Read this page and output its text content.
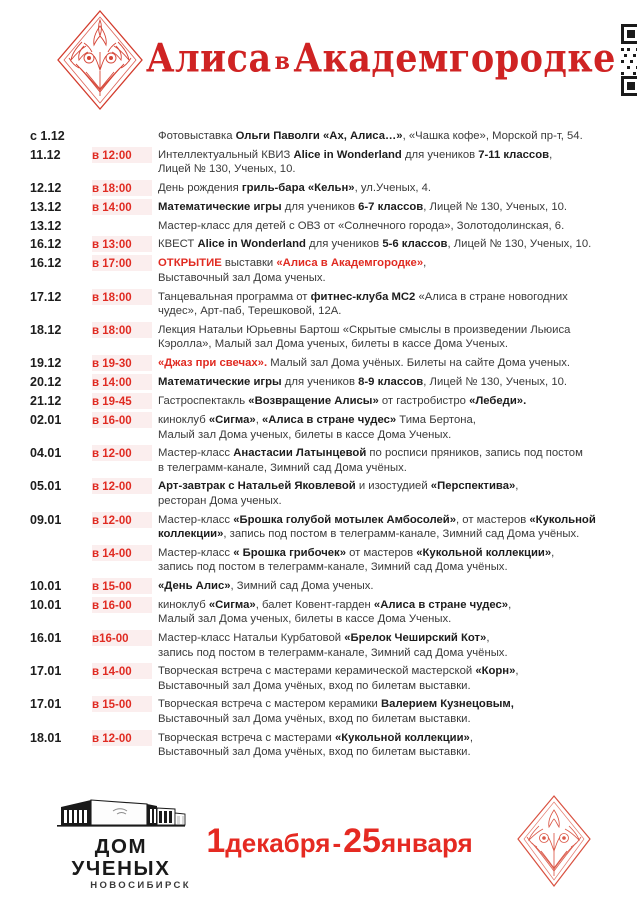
Алиса вАкадемгородке
с 1.12	Фотовыставка Ольги Паволги «Ах, Алиса…», «Чашка кофе», Морской пр-т, 54.
11.12	в 12:00	Интеллектуальный КВИЗ Alice in Wonderland для учеников 7-11 классов,
Лицей № 130, Ученых, 10.
12.12	в 18:00	День рождения гриль-бара «Кельн», ул.Ученых, 4.
13.12	в 14:00	Математические игры для учеников 6-7 классов, Лицей № 130, Ученых, 10.
13.12	Мастер-класс для детей с ОВЗ от «Солнечного города», Золотодолинская, 6.
16.12	в 13:00	КВЕСТ Alice in Wonderland для учеников 5-6 классов, Лицей № 130, Ученых, 10.
16.12	в 17:00	ОТКРЫТИЕ выставки «Алиса в Академгородке»,
Выставочный зал Дома ученых.
17.12	в 18:00	Танцевальная программа от фитнес-клуба МС2 «Алиса в стране новогодних
чудес», Арт-паб, Терешковой, 12А.
18.12	в 18:00	Лекция Натальи Юрьевны Бартош «Скрытые смыслы в произведении Льюиса
Кэролла», Малый зал Дома ученых, билеты в кассе Дома Ученых.
19.12	в 19-30	«Джаз при свечах». Малый зал Дома учёных. Билеты на сайте Дома ученых.
20.12	в 14:00	Математические игры для учеников 8-9 классов, Лицей № 130, Ученых, 10.
21.12	в 19-45	Гастроспектакль «Возвращение Алисы» от гастробистро «Лебеди».
02.01	в 16-00	киноклуб «Сигма», «Алиса в стране чудес» Тима Бертона,
Малый зал Дома ученых, билеты в кассе Дома Ученых.
04.01	в 12-00	Мастер-класс Анастасии Латынцевой по росписи пряников, запись под постом
в телеграмм-канале, Зимний сад Дома учёных.
05.01	в 12-00	Арт-завтрак с Натальей Яковлевой и изостудией «Перспектива»,
ресторан Дома ученых.
09.01	в 12-00	Мастер-класс «Брошка голубой мотылек Амбосолей», от мастеров «Кукольной
коллекции», запись под постом в телеграмм-канале, Зимний сад Дома учёных.
в 14-00	Мастер-класс « Брошка грибочек» от мастеров «Кукольной коллекции»,
запись под постом в телеграмм-канале, Зимний сад Дома учёных.
10.01	в 15-00	«День Алис», Зимний сад Дома ученых.
10.01	в 16-00	киноклуб «Сигма», балет Ковент-гарден «Алиса в стране чудес»,
Малый зал Дома ученых, билеты в кассе Дома Ученых.
16.01	в16-00	Мастер-класс Натальи Курбатовой «Брелок Чеширский Кот»,
запись под постом в телеграмм-канале, Зимний сад Дома учёных.
17.01	в 14-00	Творческая встреча с мастерами керамической мастерской «Корн»,
Выставочный зал Дома учёных, вход по билетам выставки.
17.01	в 15-00	Творческая встреча с мастером керамики Валерием Кузнецовым,
Выставочный зал Дома учёных, вход по билетам выставки.
18.01	в 12-00	Творческая встреча с мастерами «Кукольной коллекции»,
Выставочный зал Дома учёных, вход по билетам выставки.
ДОМ УЧЕНЫХ
НОВОСИБИРСК
1декабря-25января
